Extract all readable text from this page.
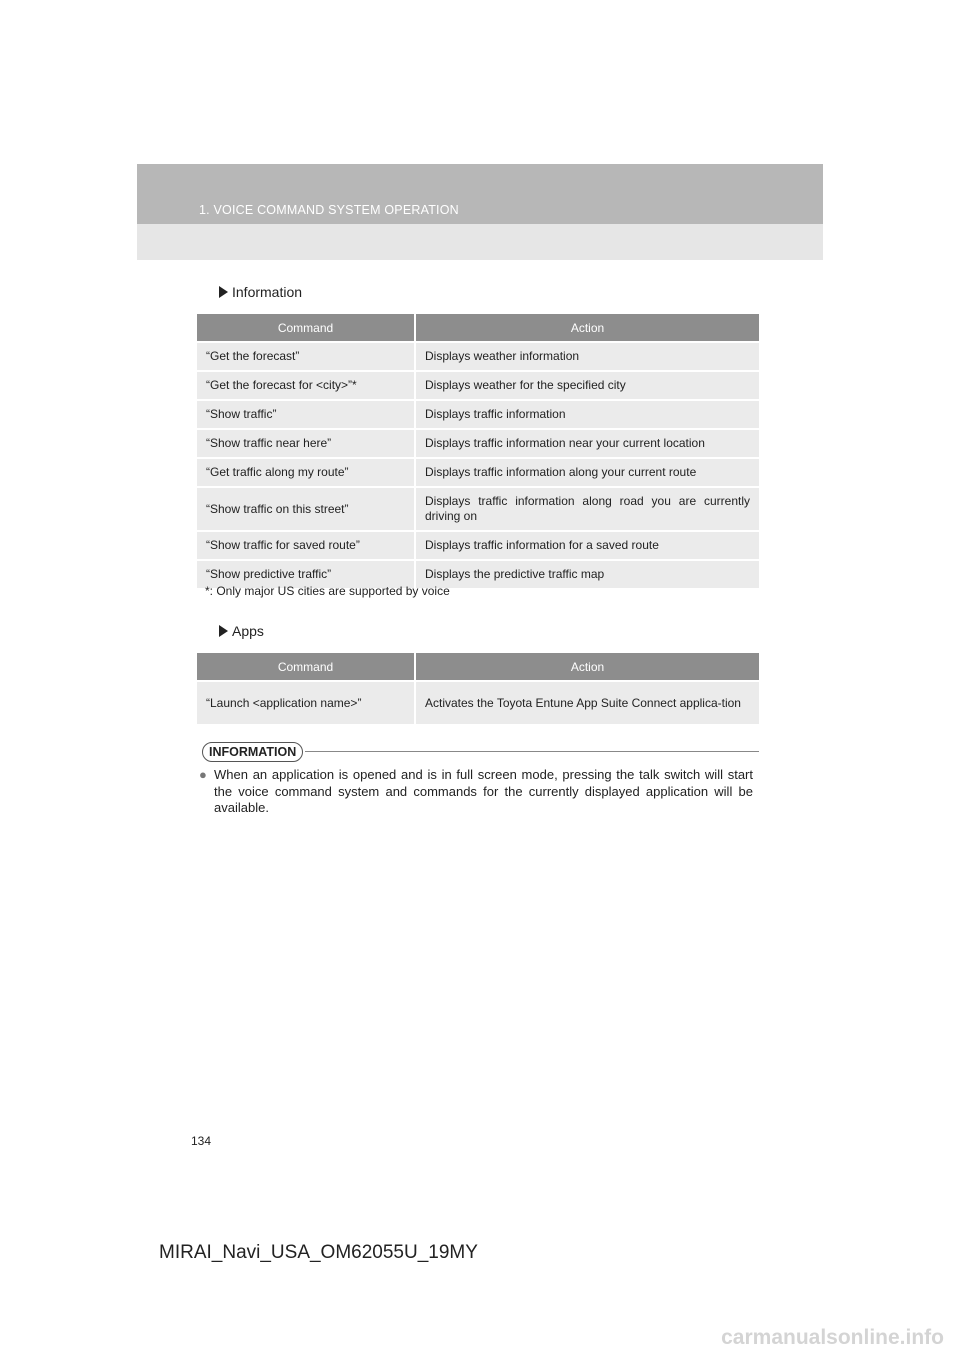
1. VOICE COMMAND SYSTEM OPERATION
Information
Command	Action
“Get the forecast”	Displays weather information
“Get the forecast for <city>”*	Displays weather for the specified city
“Show traffic”	Displays traffic information
“Show traffic near here”	Displays traffic information near your current location
“Get traffic along my route”	Displays traffic information along your current route
“Show traffic on this street”	Displays traffic information along road you are currently driving on
“Show traffic for saved route”	Displays traffic information for a saved route
“Show predictive traffic”	Displays the predictive traffic map
*: Only major US cities are supported by voice
Apps
Command	Action
“Launch <application name>”	Activates the Toyota Entune App Suite Connect applica-tion
INFORMATION
● When an application is opened and is in full screen mode, pressing the talk switch will start the voice command system and commands for the currently displayed application will be available.
134
MIRAI_Navi_USA_OM62055U_19MY
carmanualsonline.info
